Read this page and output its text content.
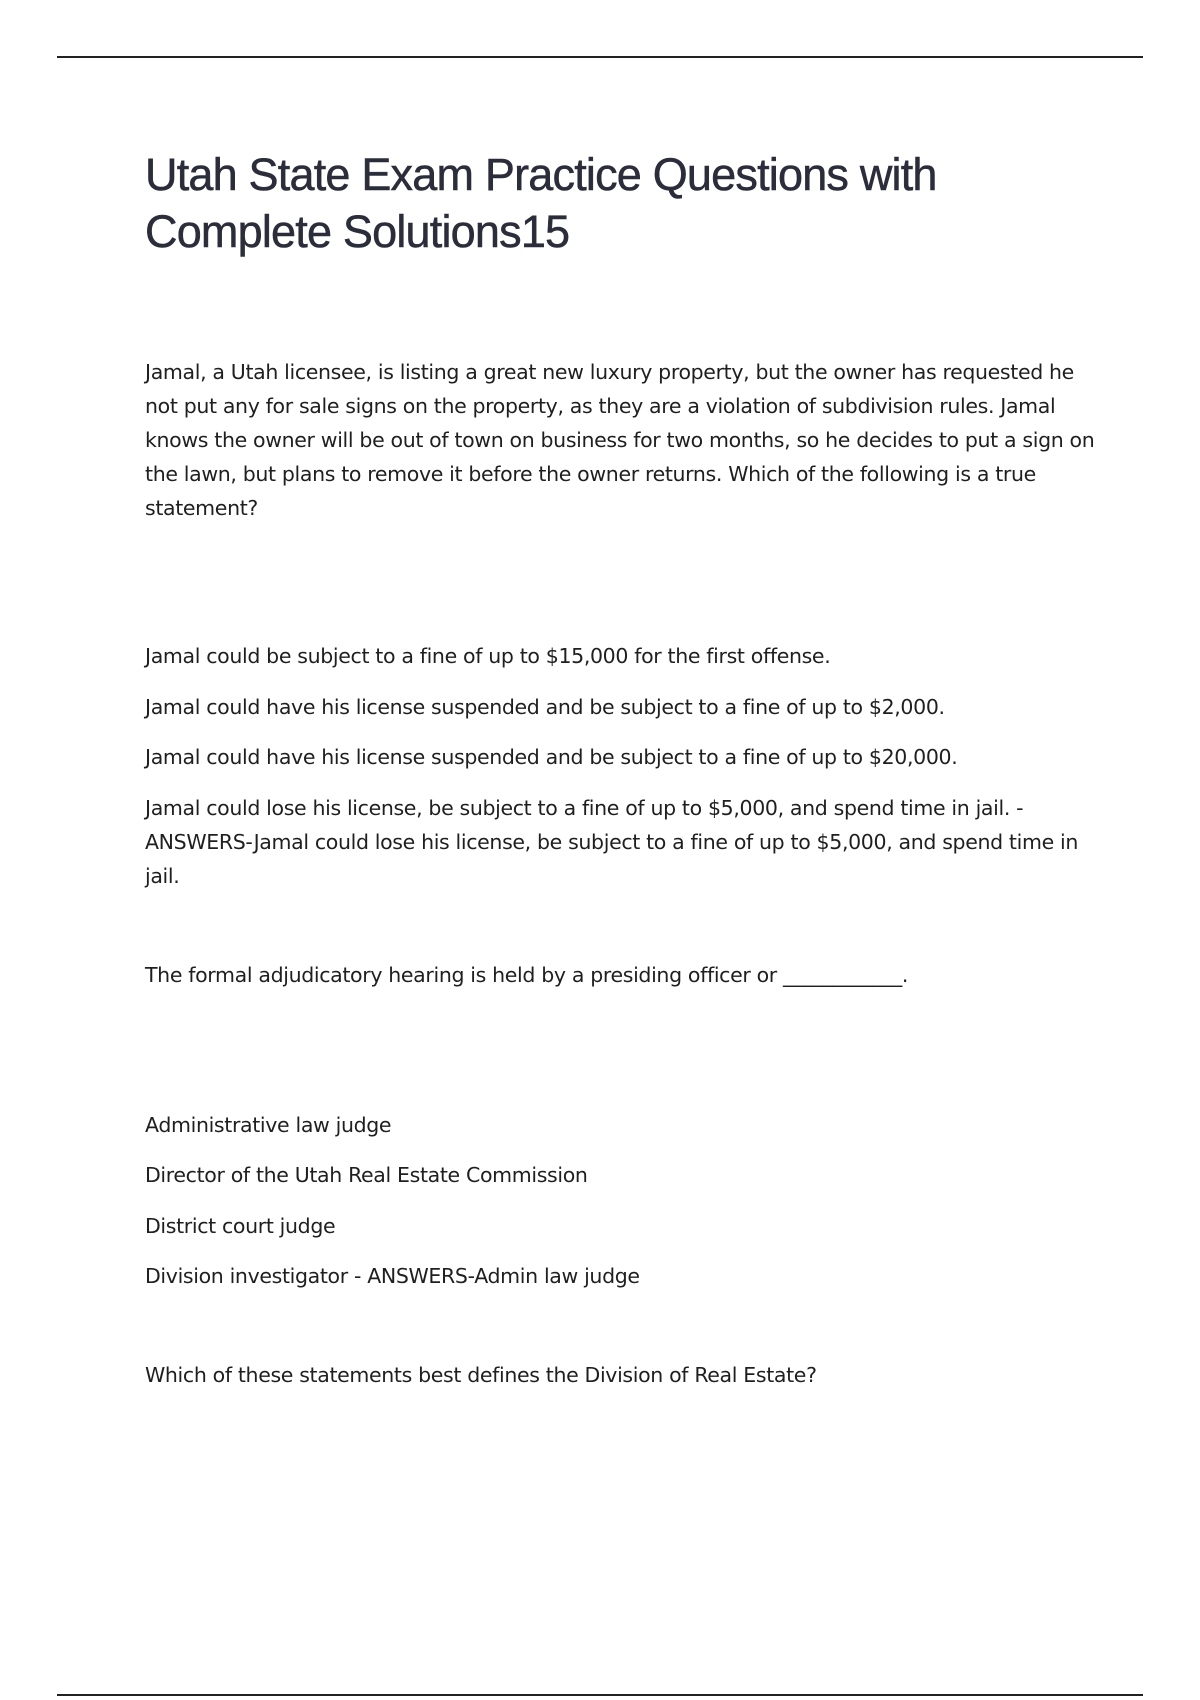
Utah State Exam Practice Questions with Complete Solutions15

Jamal, a Utah licensee, is listing a great new luxury property, but the owner has requested he not put any for sale signs on the property, as they are a violation of subdivision rules. Jamal knows the owner will be out of town on business for two months, so he decides to put a sign on the lawn, but plans to remove it before the owner returns. Which of the following is a true statement?

Jamal could be subject to a fine of up to $15,000 for the first offense.

Jamal could have his license suspended and be subject to a fine of up to $2,000.

Jamal could have his license suspended and be subject to a fine of up to $20,000.

Jamal could lose his license, be subject to a fine of up to $5,000, and spend time in jail. - ANSWERS-Jamal could lose his license, be subject to a fine of up to $5,000, and spend time in jail.

The formal adjudicatory hearing is held by a presiding officer or ____________.

Administrative law judge

Director of the Utah Real Estate Commission

District court judge

Division investigator - ANSWERS-Admin law judge

Which of these statements best defines the Division of Real Estate?
